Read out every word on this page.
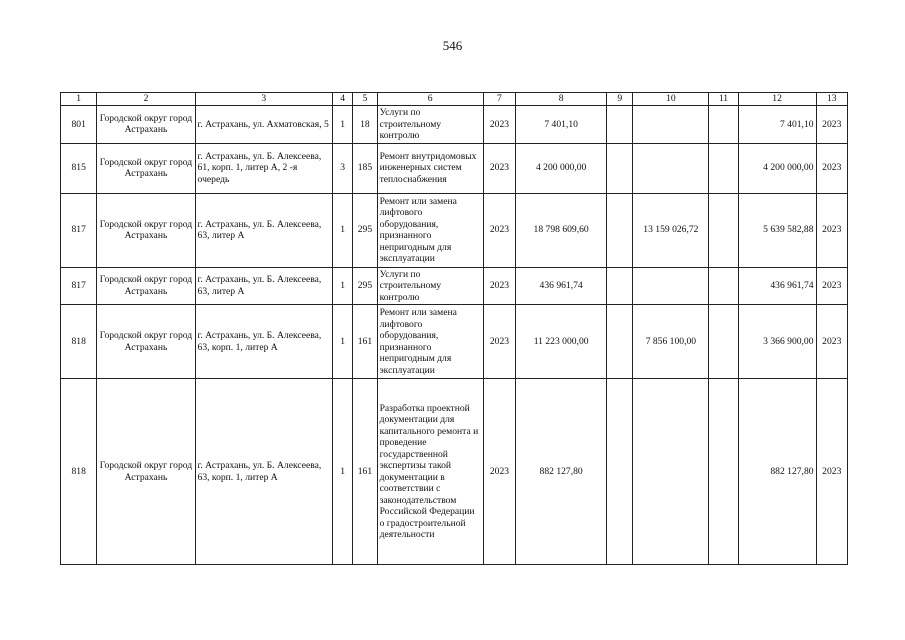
546
1	2	3	4	5	6	7	8	9	10	11	12	13
801	Городской округ город Астрахань	г. Астрахань, ул. Ахматовская, 5	1	18	Услуги по строительному контролю	2023	7 401,10				7 401,10	2023
815	Городской округ город Астрахань	г. Астрахань, ул. Б. Алексеева, 61, корп. 1, литер А, 2 -я очередь	3	185	Ремонт внутридомовых инженерных систем теплоснабжения	2023	4 200 000,00				4 200 000,00	2023
817	Городской округ город Астрахань	г. Астрахань, ул. Б. Алексеева, 63, литер А	1	295	Ремонт или замена лифтового оборудования, признанного непригодным для эксплуатации	2023	18 798 609,60		13 159 026,72		5 639 582,88	2023
817	Городской округ город Астрахань	г. Астрахань, ул. Б. Алексеева, 63, литер А	1	295	Услуги по строительному контролю	2023	436 961,74				436 961,74	2023
818	Городской округ город Астрахань	г. Астрахань, ул. Б. Алексеева, 63, корп. 1, литер А	1	161	Ремонт или замена лифтового оборудования, признанного непригодным для эксплуатации	2023	11 223 000,00		7 856 100,00		3 366 900,00	2023
818	Городской округ город Астрахань	г. Астрахань, ул. Б. Алексеева, 63, корп. 1, литер А	1	161	Разработка проектной документации для капитального ремонта и проведение государственной экспертизы такой документации в соответствии с законодательством Российской Федерации о градостроительной деятельности	2023	882 127,80				882 127,80	2023
